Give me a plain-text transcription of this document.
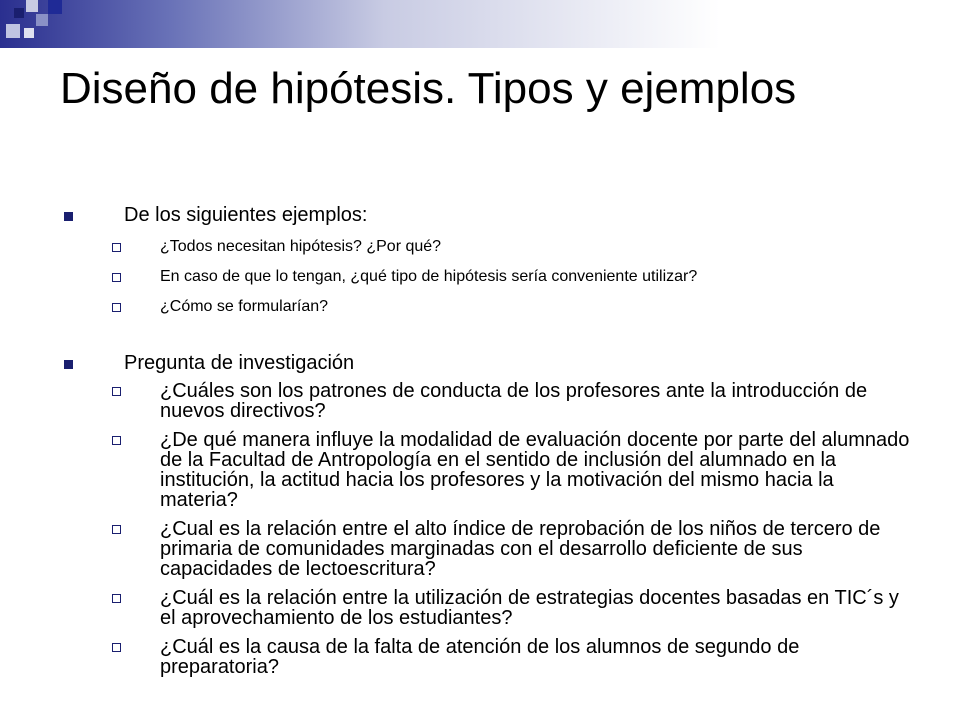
Diseño de hipótesis. Tipos y ejemplos
De los siguientes ejemplos:
¿Todos necesitan hipótesis? ¿Por qué?
En caso de que lo tengan, ¿qué tipo de hipótesis sería conveniente utilizar?
¿Cómo se formularían?
Pregunta de investigación
¿Cuáles son los patrones de conducta de los profesores ante la introducción de nuevos directivos?
¿De qué manera influye la modalidad de evaluación docente por parte del alumnado de la Facultad de Antropología en el sentido de inclusión del alumnado en la institución, la actitud hacia los profesores y la motivación del mismo hacia la materia?
¿Cual es la relación entre el alto índice de reprobación de los niños de tercero de primaria de comunidades marginadas con el desarrollo deficiente de sus capacidades de lectoescritura?
¿Cuál es la relación entre la utilización de estrategias docentes basadas en TIC´s y el aprovechamiento de los estudiantes?
¿Cuál es la causa de la falta de atención de los alumnos de segundo de preparatoria?
